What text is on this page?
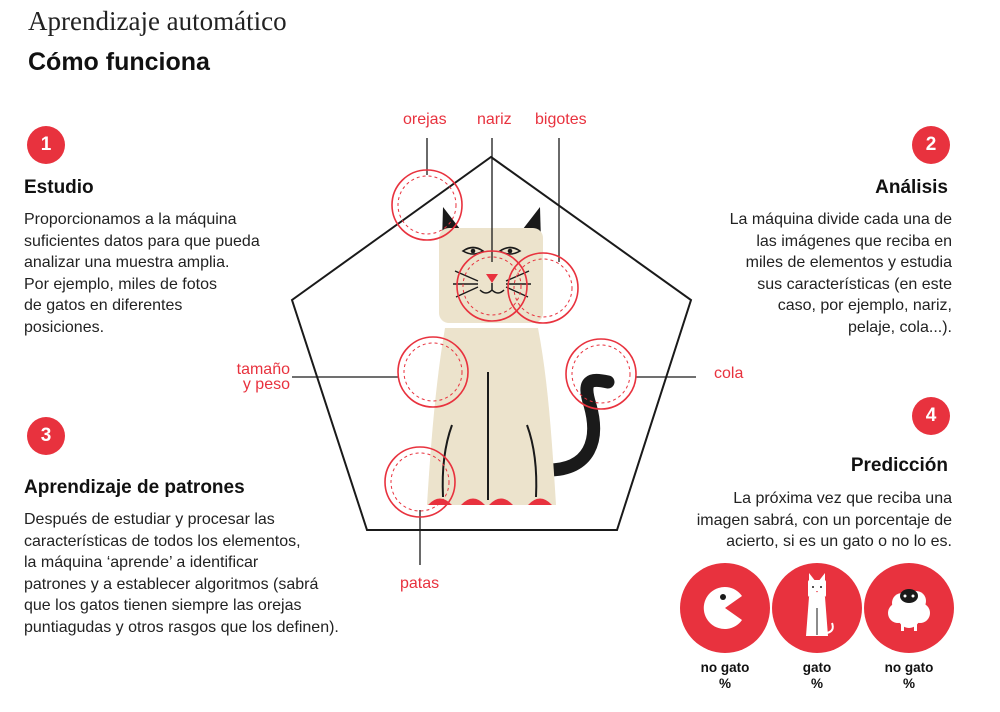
Aprendizaje automático
Cómo funciona
orejas nariz bigotes
tamaño
y peso
cola
patas
1
Estudio
Proporcionamos a la máquina
suficientes datos para que pueda
analizar una muestra amplia.
Por ejemplo, miles de fotos
de gatos en diferentes
posiciones.
2
Análisis
La máquina divide cada una de
las imágenes que reciba en
miles de elementos y estudia
sus características (en este
caso, por ejemplo, nariz,
pelaje, cola...).
3
Aprendizaje de patrones
Después de estudiar y procesar las
características de todos los elementos,
la máquina ‘aprende’ a identificar
patrones y a establecer algoritmos (sabrá
que los gatos tienen siempre las orejas
puntiagudas y otros rasgos que los definen).
4
Predicción
La próxima vez que reciba una
imagen sabrá, con un porcentaje de
acierto, si es un gato o no lo es.
no gato
%
gato
%
no gato
%
